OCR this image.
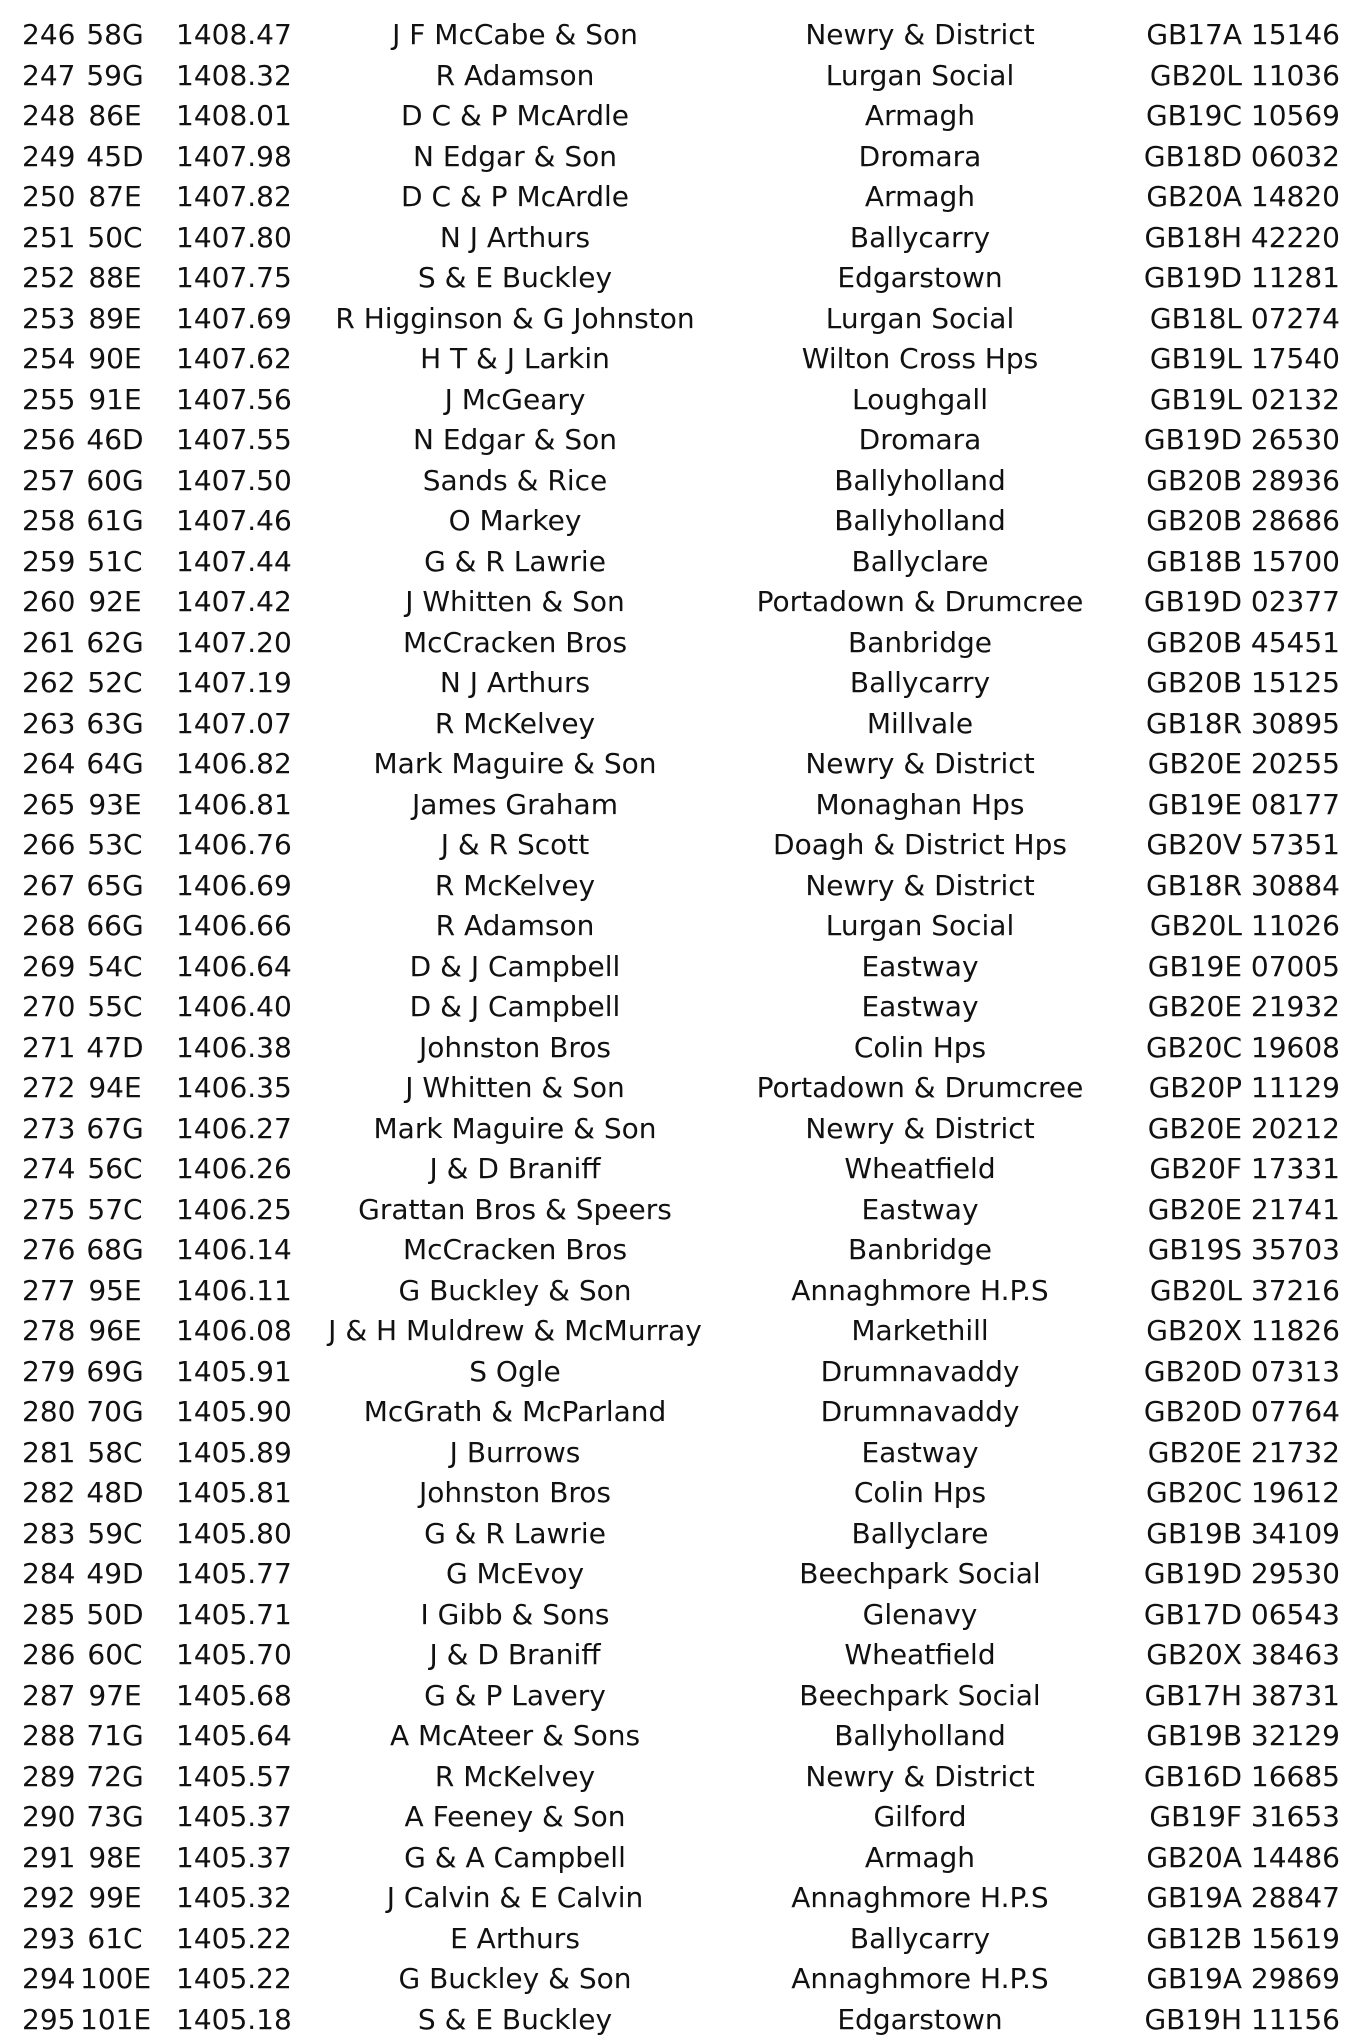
246 58G 1408.47	J F McCabe & Son	Newry & District	GB17A 15146
247 59G 1408.32	R Adamson	Lurgan Social	GB20L 11036
248 86E 1408.01	D C & P McArdle	Armagh	GB19C 10569
249 45D 1407.98	N Edgar & Son	Dromara	GB18D 06032
250 87E 1407.82	D C & P McArdle	Armagh	GB20A 14820
251 50C 1407.80	N J Arthurs	Ballycarry	GB18H 42220
252 88E 1407.75	S & E Buckley	Edgarstown	GB19D 11281
253 89E 1407.69	R Higginson & G Johnston	Lurgan Social	GB18L 07274
254 90E 1407.62	H T & J Larkin	Wilton Cross Hps	GB19L 17540
255 91E 1407.56	J McGeary	Loughgall	GB19L 02132
256 46D 1407.55	N Edgar & Son	Dromara	GB19D 26530
257 60G 1407.50	Sands & Rice	Ballyholland	GB20B 28936
258 61G 1407.46	O Markey	Ballyholland	GB20B 28686
259 51C 1407.44	G & R Lawrie	Ballyclare	GB18B 15700
260 92E 1407.42	J Whitten & Son	Portadown & Drumcree GB19D 02377
261 62G 1407.20	McCracken Bros	Banbridge	GB20B 45451
262 52C 1407.19	N J Arthurs	Ballycarry	GB20B 15125
263 63G 1407.07	R McKelvey	Millvale	GB18R 30895
264 64G 1406.82	Mark Maguire & Son	Newry & District	GB20E 20255
265 93E 1406.81	James Graham	Monaghan Hps	GB19E 08177
266 53C 1406.76	J & R Scott	Doagh & District Hps	GB20V 57351
267 65G 1406.69	R McKelvey	Newry & District	GB18R 30884
268 66G 1406.66	R Adamson	Lurgan Social	GB20L 11026
269 54C 1406.64	D & J Campbell	Eastway	GB19E 07005
270 55C 1406.40	D & J Campbell	Eastway	GB20E 21932
271 47D 1406.38	Johnston Bros	Colin Hps	GB20C 19608
272 94E 1406.35	J Whitten & Son	Portadown & Drumcree	GB20P 11129
273 67G 1406.27	Mark Maguire & Son	Newry & District	GB20E 20212
274 56C 1406.26	J & D Braniff	Wheatfield	GB20F 17331
275 57C 1406.25	Grattan Bros & Speers	Eastway	GB20E 21741
276 68G 1406.14	McCracken Bros	Banbridge	GB19S 35703
277 95E 1406.11	G Buckley & Son	Annaghmore H.P.S	GB20L 37216
278 96E 1406.08	J & H Muldrew & McMurray	Markethill	GB20X 11826
279 69G 1405.91	S Ogle	Drumnavaddy	GB20D 07313
280 70G 1405.90	McGrath & McParland	Drumnavaddy	GB20D 07764
281 58C 1405.89	J Burrows	Eastway	GB20E 21732
282 48D 1405.81	Johnston Bros	Colin Hps	GB20C 19612
283 59C 1405.80	G & R Lawrie	Ballyclare	GB19B 34109
284 49D 1405.77	G McEvoy	Beechpark Social	GB19D 29530
285 50D 1405.71	I Gibb & Sons	Glenavy	GB17D 06543
286 60C 1405.70	J & D Braniff	Wheatfield	GB20X 38463
287 97E 1405.68	G & P Lavery	Beechpark Social	GB17H 38731
288 71G 1405.64	A McAteer & Sons	Ballyholland	GB19B 32129
289 72G 1405.57	R McKelvey	Newry & District	GB16D 16685
290 73G 1405.37	A Feeney & Son	Gilford	GB19F 31653
291 98E 1405.37	G & A Campbell	Armagh	GB20A 14486
292 99E 1405.32	J Calvin & E Calvin	Annaghmore H.P.S	GB19A 28847
293 61C 1405.22	E Arthurs	Ballycarry	GB12B 15619
294 100E 1405.22	G Buckley & Son	Annaghmore H.P.S	GB19A 29869
295 101E 1405.18	S & E Buckley	Edgarstown	GB19H 11156
